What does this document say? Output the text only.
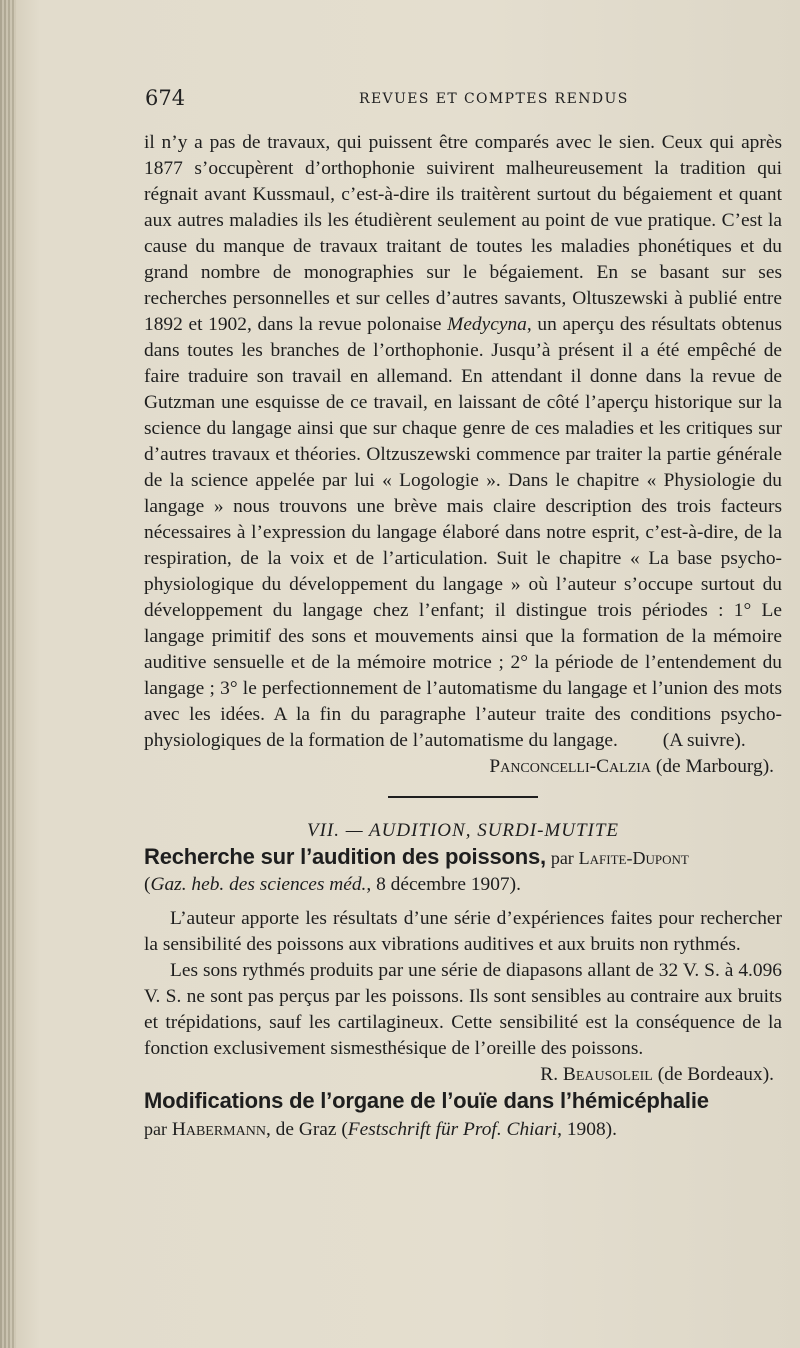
674	REVUES ET COMPTES RENDUS

il n’y a pas de travaux, qui puissent être comparés avec le sien. Ceux qui après 1877 s’occupèrent d’orthophonie suivirent malheureusement la tradition qui régnait avant Kussmaul, c’est-à-dire ils traitèrent surtout du bégaiement et quant aux autres maladies ils les étudièrent seulement au point de vue pratique. C’est la cause du manque de travaux traitant de toutes les maladies phonétiques et du grand nombre de monographies sur le bégaiement. En se basant sur ses recherches personnelles et sur celles d’autres savants, Oltuszewski à publié entre 1892 et 1902, dans la revue polonaise Medycyna, un aperçu des résultats obtenus dans toutes les branches de l’orthophonie. Jusqu’à présent il a été empêché de faire traduire son travail en allemand. En attendant il donne dans la revue de Gutzman une esquisse de ce travail, en laissant de côté l’aperçu historique sur la science du langage ainsi que sur chaque genre de ces maladies et les critiques sur d’autres travaux et théories. Oltzuszewski commence par traiter la partie générale de la science appelée par lui « Logologie ». Dans le chapitre « Physiologie du langage » nous trouvons une brève mais claire description des trois facteurs nécessaires à l’expression du langage élaboré dans notre esprit, c’est-à-dire, de la respiration, de la voix et de l’articulation. Suit le chapitre « La base psycho-physiologique du développement du langage » où l’auteur s’occupe surtout du développement du langage chez l’enfant; il distingue trois périodes : 1° Le langage primitif des sons et mouvements ainsi que la formation de la mémoire auditive sensuelle et de la mémoire motrice ; 2° la période de l’entendement du langage ; 3° le perfectionnement de l’automatisme du langage et l’union des mots avec les idées. A la fin du paragraphe l’auteur traite des conditions psycho-physiologiques de la formation de l’automatisme du langage. (A suivre).

Panconcelli-Calzia (de Marbourg).

VII. — AUDITION, SURDI-MUTITE

Recherche sur l’audition des poissons, par Lafite-Dupont
(Gaz. heb. des sciences méd., 8 décembre 1907).

L’auteur apporte les résultats d’une série d’expériences faites pour rechercher la sensibilité des poissons aux vibrations auditives et aux bruits non rythmés.

Les sons rythmés produits par une série de diapasons allant de 32 V. S. à 4.096 V. S. ne sont pas perçus par les poissons. Ils sont sensibles au contraire aux bruits et trépidations, sauf les cartilagineux. Cette sensibilité est la conséquence de la fonction exclusivement sismesthésique de l’oreille des poissons.

R. Beausoleil (de Bordeaux).

Modifications de l’organe de l’ouïe dans l’hémicéphalie
par Habermann, de Graz (Festschrift für Prof. Chiari, 1908).
